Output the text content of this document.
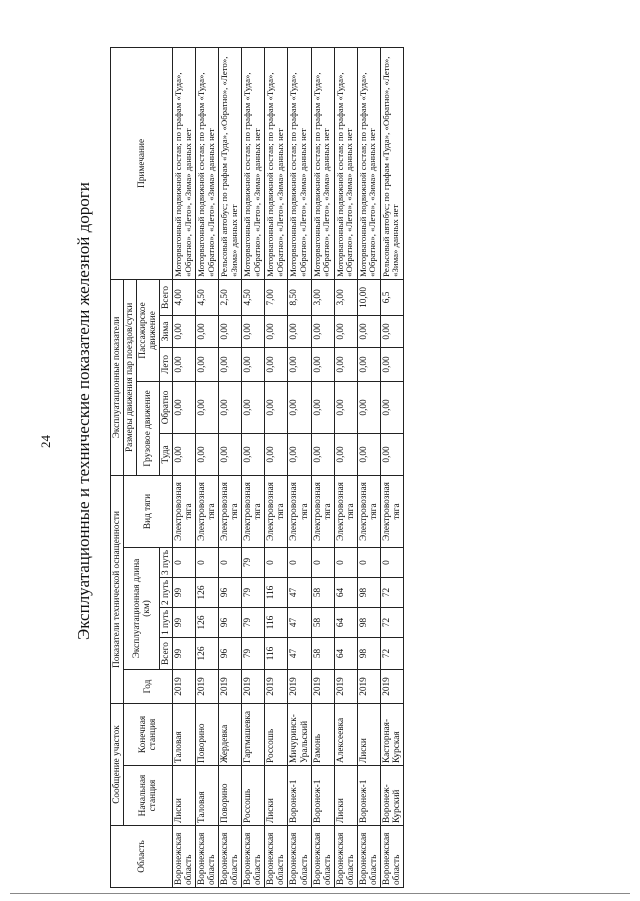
24 Эксплуатационные и технические показатели железной дороги
Область	Сообщение участок		Показатели технической оснащенности						Эксплуатационные показатели					Примечание
	Начальная станция	Конечная станция	Год	Эксплуатационная длина (км)				Вид тяги	Размеры движения пар поездов/сутки					
									Грузовое движение		Пассажирское движение			
				Всего	1 путь	2 путь	3 путь		Туда	Обратно	Лето	Зима	Всего	
Воронежская область	Лиски	Таловая	2019	99	99	99	0	Электровозная тяга	0,00	0,00	0,00	0,00	4,00	Моторвагонный подвижной состав; по графам «Туда», «Обратно», «Лето», «Зима» данных нет
Воронежская область	Таловая	Поворино	2019	126	126	126	0	Электровозная тяга	0,00	0,00	0,00	0,00	4,50	Моторвагонный подвижной состав; по графам «Туда», «Обратно», «Лето», «Зима» данных нет
Воронежская область	Поворино	Жердевка	2019	96	96	96	0	Электровозная тяга	0,00	0,00	0,00	0,00	2,50	Рельсовый автобус; по графам «Туда», «Обратно», «Лето», «Зима» данных нет
Воронежская область	Россошь	Гартмашевка	2019	79	79	79	79	Электровозная тяга	0,00	0,00	0,00	0,00	4,50	Моторвагонный подвижной состав; по графам «Туда», «Обратно», «Лето», «Зима» данных нет
Воронежская область	Лиски	Россошь	2019	116	116	116	0	Электровозная тяга	0,00	0,00	0,00	0,00	7,00	Моторвагонный подвижной состав; по графам «Туда», «Обратно», «Лето», «Зима» данных нет
Воронежская область	Воронеж-1	Мичуринск-Уральский	2019	47	47	47	0	Электровозная тяга	0,00	0,00	0,00	0,00	8,50	Моторвагонный подвижной состав; по графам «Туда», «Обратно», «Лето», «Зима» данных нет
Воронежская область	Воронеж-1	Рамонь	2019	58	58	58	0	Электровозная тяга	0,00	0,00	0,00	0,00	3,00	Моторвагонный подвижной состав; по графам «Туда», «Обратно», «Лето», «Зима» данных нет
Воронежская область	Лиски	Алексеевка	2019	64	64	64	0	Электровозная тяга	0,00	0,00	0,00	0,00	3,00	Моторвагонный подвижной состав; по графам «Туда», «Обратно», «Лето», «Зима» данных нет
Воронежская область	Воронеж-1	Лиски	2019	98	98	98	0	Электровозная тяга	0,00	0,00	0,00	0,00	10,00	Моторвагонный подвижной состав; по графам «Туда», «Обратно», «Лето», «Зима» данных нет
Воронежская область	Воронеж-Курский	Касторная-Курская	2019	72	72	72	0	Электровозная тяга	0,00	0,00	0,00	0,00	6,5	Рельсовый автобус; по графам «Туда», «Обратно», «Лето», «Зима» данных нет
